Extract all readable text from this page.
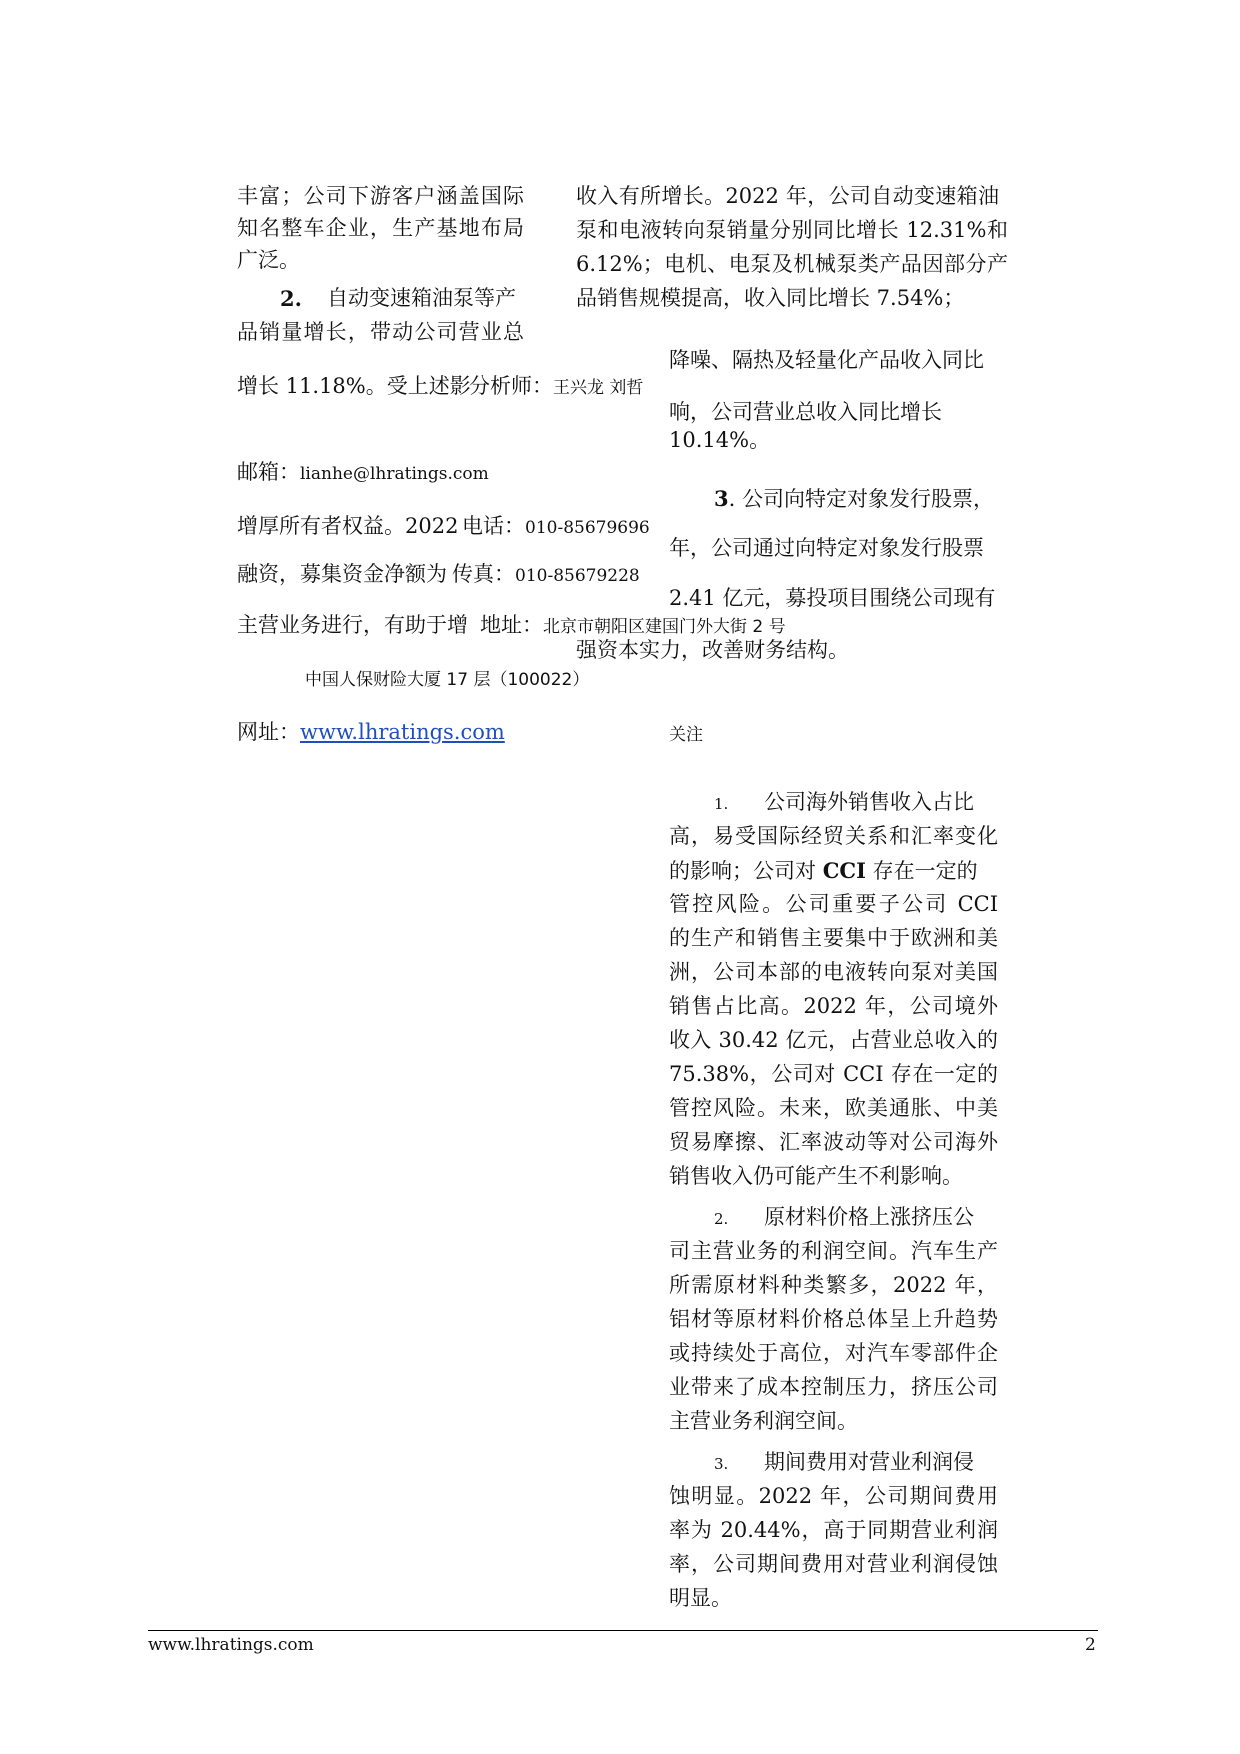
丰富；公司下游客户涵盖国际
知名整车企业，生产基地布局
广泛。
2. 自动变速箱油泵等产
品销量增长，带动公司营业总
增长 11.18%。受上述影
增厚所有者权益。2022
融资，募集资金净额为
主营业务进行，有助于增
分析师：王兴龙 刘哲
邮箱：lianhe@lhratings.com
电话：010-85679696
传真：010-85679228
地址：北京市朝阳区建国门外大街 2 号
中国人保财险大厦 17 层（100022）
网址：www.lhratings.com
收入有所增长。2022 年，公司自动变速箱油
泵和电液转向泵销量分别同比增长 12.31%和
6.12%；电机、电泵及机械泵类产品因部分产
品销售规模提高，收入同比增长 7.54%；
降噪、隔热及轻量化产品收入同比
响，公司营业总收入同比增长
10.14%。
3. 公司向特定对象发行股票，
年，公司通过向特定对象发行股票
2.41 亿元，募投项目围绕公司现有
强资本实力，改善财务结构。
关注
1. 公司海外销售收入占比
高，易受国际经贸关系和汇率变化
的影响；公司对 CCI 存在一定的
管控风险。公司重要子公司 CCI
的生产和销售主要集中于欧洲和美
洲，公司本部的电液转向泵对美国
销售占比高。2022 年，公司境外
收入 30.42 亿元，占营业总收入的
75.38%，公司对 CCI 存在一定的
管控风险。未来，欧美通胀、中美
贸易摩擦、汇率波动等对公司海外
销售收入仍可能产生不利影响。
2. 原材料价格上涨挤压公
司主营业务的利润空间。汽车生产
所需原材料种类繁多，2022 年，
铝材等原材料价格总体呈上升趋势
或持续处于高位，对汽车零部件企
业带来了成本控制压力，挤压公司
主营业务利润空间。
3. 期间费用对营业利润侵
蚀明显。2022 年，公司期间费用
率为 20.44%，高于同期营业利润
率，公司期间费用对营业利润侵蚀
明显。
www.lhratings.com	2
